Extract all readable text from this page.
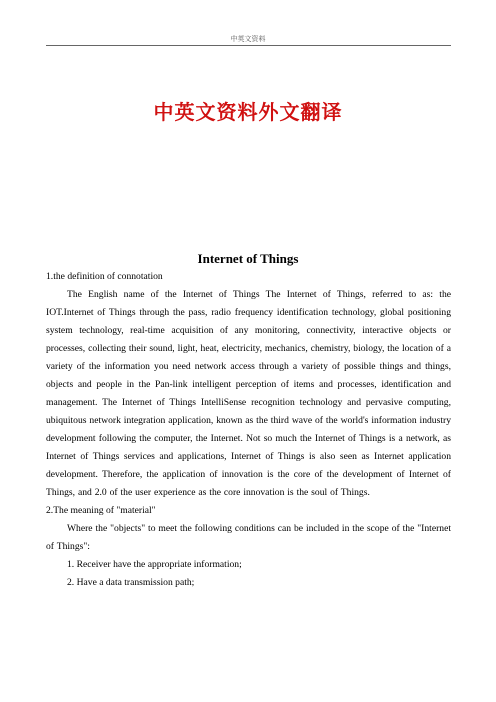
中英文资料
中英文资料外文翻译
Internet of Things

1.the definition of connotation

The English name of the Internet of Things The Internet of Things, referred to as: the IOT.Internet of Things through the pass, radio frequency identification technology, global positioning system technology, real-time acquisition of any monitoring, connectivity, interactive objects or processes, collecting their sound, light, heat, electricity, mechanics, chemistry, biology, the location of a variety of the information you need network access through a variety of possible things and things, objects and people in the Pan-link intelligent perception of items and processes, identification and management. The Internet of Things IntelliSense recognition technology and pervasive computing, ubiquitous network integration application, known as the third wave of the world's information industry development following the computer, the Internet. Not so much the Internet of Things is a network, as Internet of Things services and applications, Internet of Things is also seen as Internet application development. Therefore, the application of innovation is the core of the development of Internet of Things, and 2.0 of the user experience as the core innovation is the soul of Things.

2.The meaning of "material"

Where the "objects" to meet the following conditions can be included in the scope of the "Internet of Things":

1. Receiver have the appropriate information;

2. Have a data transmission path;
